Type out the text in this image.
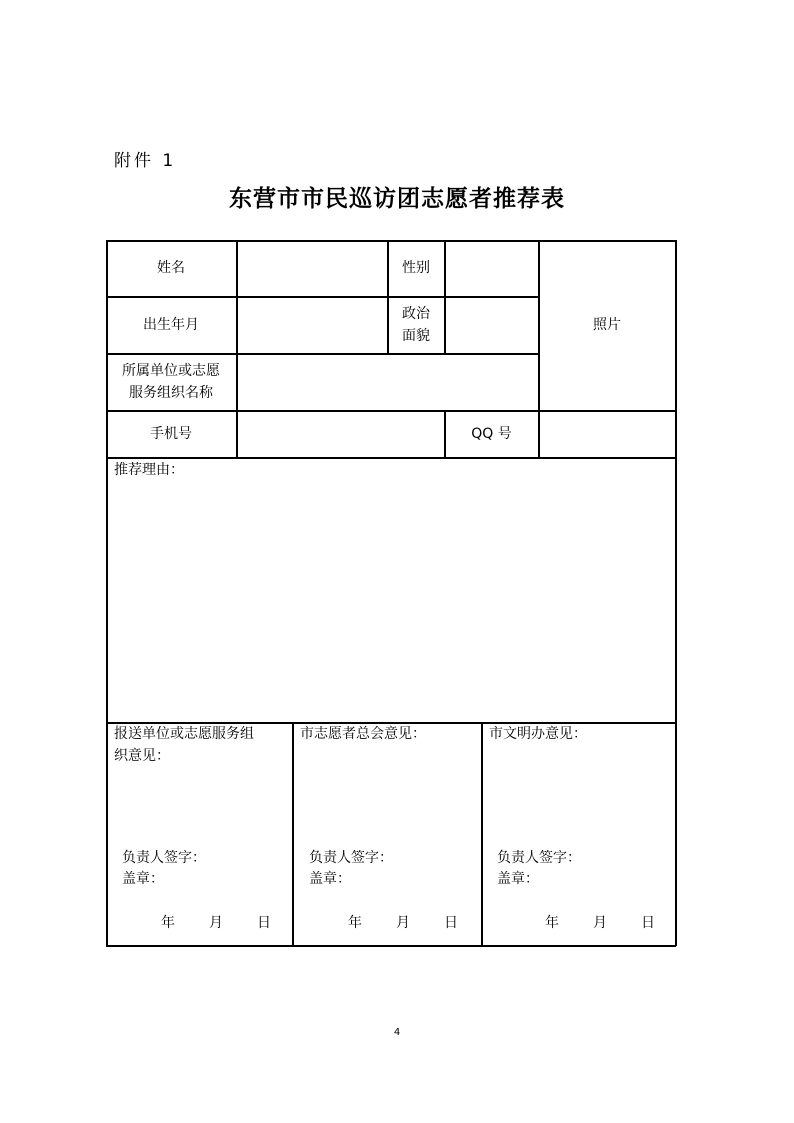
附件 1
东营市市民巡访团志愿者推荐表
姓名	性别
照片
出生年月
政治
面貌
所属单位或志愿
服务组织名称
手机号	QQ 号
推荐理由：
报送单位或志愿服务组
织意见：
负责人签字：
盖章：
年 月 日
市志愿者总会意见：
负责人签字：
盖章：
年 月 日
市文明办意见：
负责人签字：
盖章：
年 月 日
4
